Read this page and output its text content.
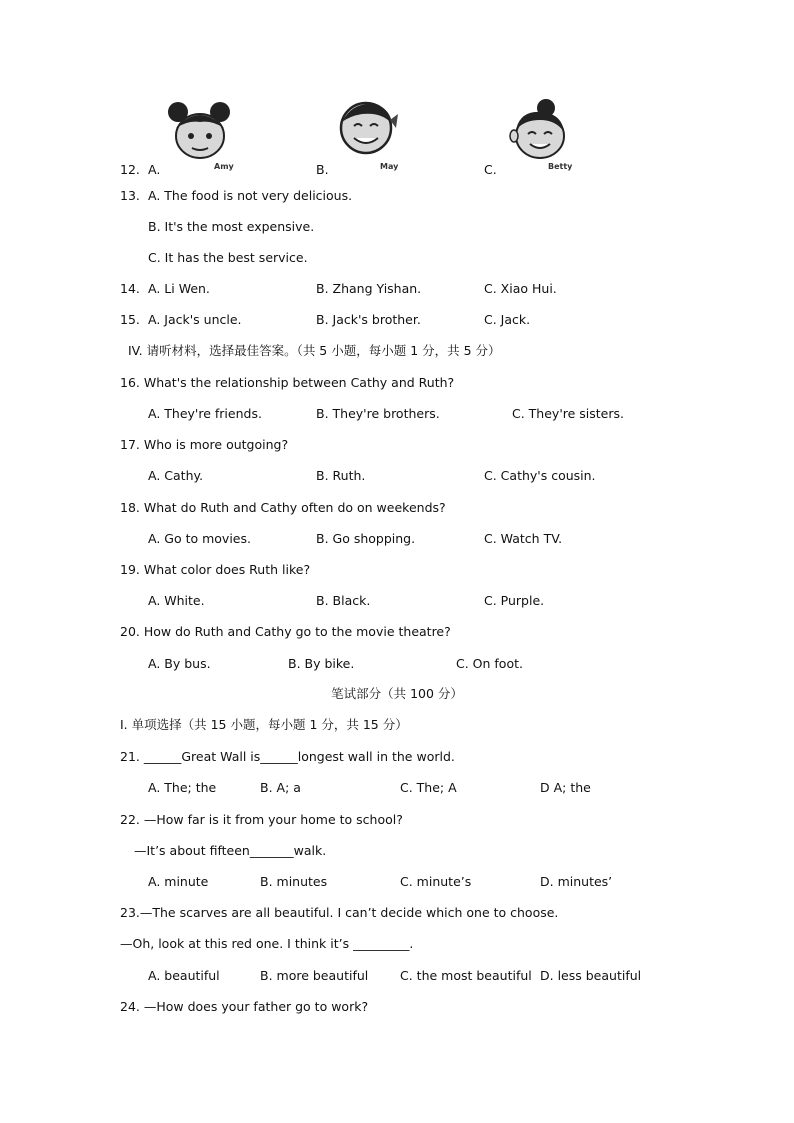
Amy	May	Betty
12. A.	B.	C.
13. A. The food is not very delicious.
B. It's the most expensive.
C. It has the best service.
14. A. Li Wen.	B. Zhang Yishan.	C. Xiao Hui.
15. A. Jack's uncle.	B. Jack's brother.	C. Jack.
IV. 请听材料，选择最佳答案。（共 5 小题，每小题 1 分，共 5 分）
16. What's the relationship between Cathy and Ruth?
A. They're friends.	B. They're brothers.	C. They're sisters.
17. Who is more outgoing?
A. Cathy.	B. Ruth.	C. Cathy's cousin.
18. What do Ruth and Cathy often do on weekends?
A. Go to movies.	B. Go shopping.	C. Watch TV.
19. What color does Ruth like?
A. White.	B. Black.	C. Purple.
20. How do Ruth and Cathy go to the movie theatre?
A. By bus.	B. By bike.	C. On foot.
笔试部分（共 100 分）
I. 单项选择（共 15 小题，每小题 1 分，共 15 分）
21. ______Great Wall is______longest wall in the world.
A. The; the	B. A; a	C. The; A	D A; the
22. —How far is it from your home to school?
—It’s about fifteen_______walk.
A. minute	B. minutes	C. minute’s	D. minutes’
23.—The scarves are all beautiful. I can’t decide which one to choose.
—Oh, look at this red one. I think it’s _________.
A. beautiful	B. more beautiful	C. the most beautiful D. less beautiful
24. —How does your father go to work?
